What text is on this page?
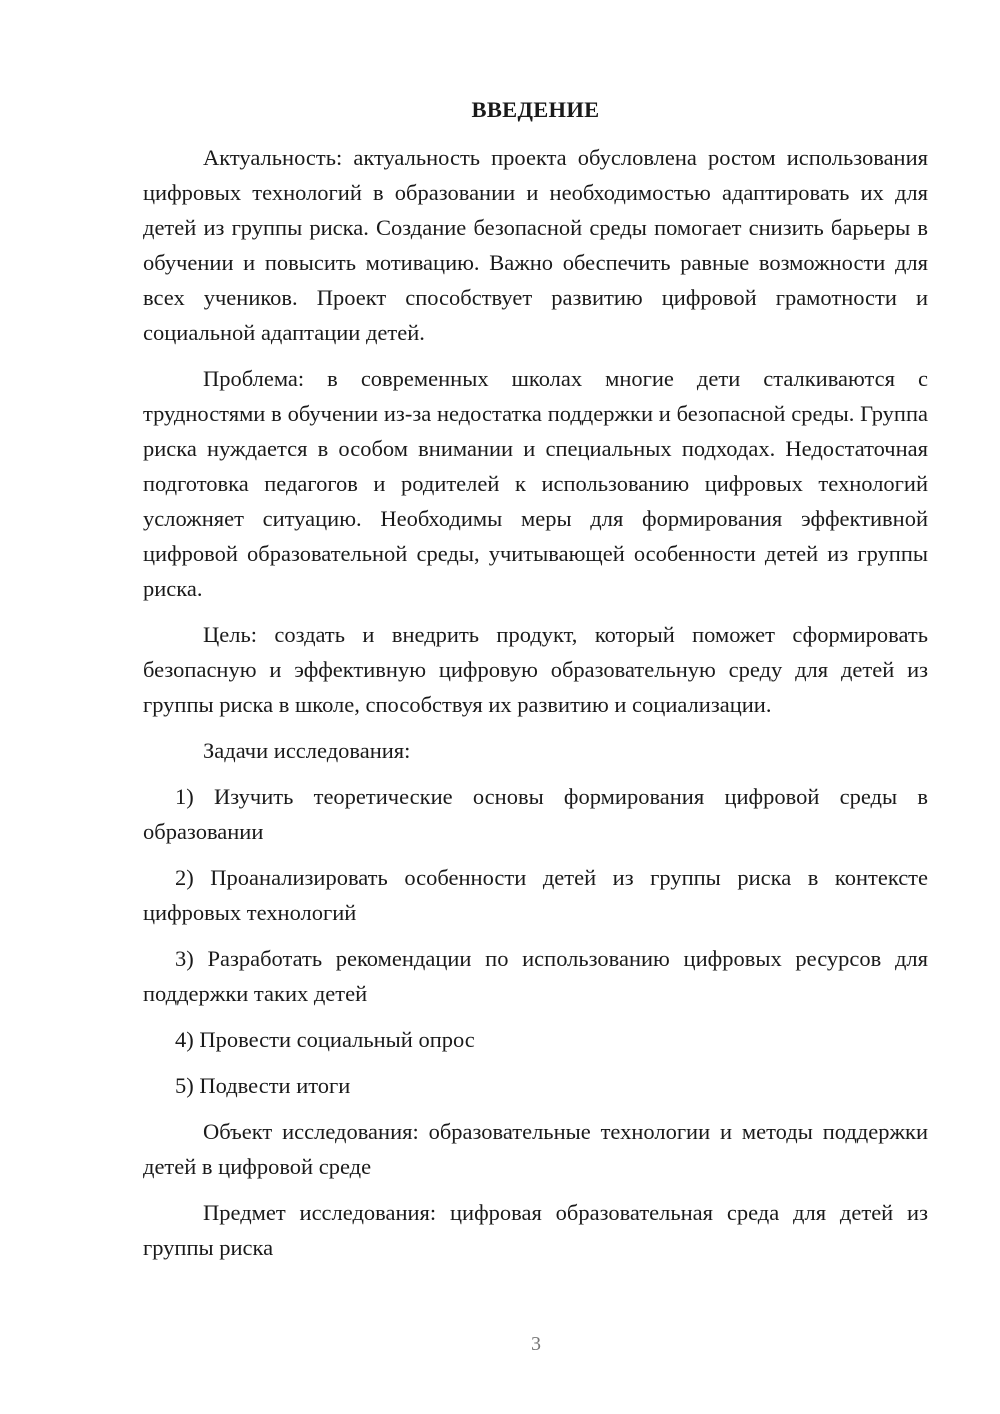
ВВЕДЕНИЕ

Актуальность: актуальность проекта обусловлена ростом использования цифровых технологий в образовании и необходимостью адаптировать их для детей из группы риска. Создание безопасной среды помогает снизить барьеры в обучении и повысить мотивацию. Важно обеспечить равные возможности для всех учеников. Проект способствует развитию цифровой грамотности и социальной адаптации детей.

Проблема: в современных школах многие дети сталкиваются с трудностями в обучении из-за недостатка поддержки и безопасной среды. Группа риска нуждается в особом внимании и специальных подходах. Недостаточная подготовка педагогов и родителей к использованию цифровых технологий усложняет ситуацию. Необходимы меры для формирования эффективной цифровой образовательной среды, учитывающей особенности детей из группы риска.

Цель: создать и внедрить продукт, который поможет сформировать безопасную и эффективную цифровую образовательную среду для детей из группы риска в школе, способствуя их развитию и социализации.

Задачи исследования:

1) Изучить теоретические основы формирования цифровой среды в образовании

2) Проанализировать особенности детей из группы риска в контексте цифровых технологий

3) Разработать рекомендации по использованию цифровых ресурсов для поддержки таких детей

4) Провести социальный опрос

5) Подвести итоги

Объект исследования: образовательные технологии и методы поддержки детей в цифровой среде

Предмет исследования: цифровая образовательная среда для детей из группы риска

3
